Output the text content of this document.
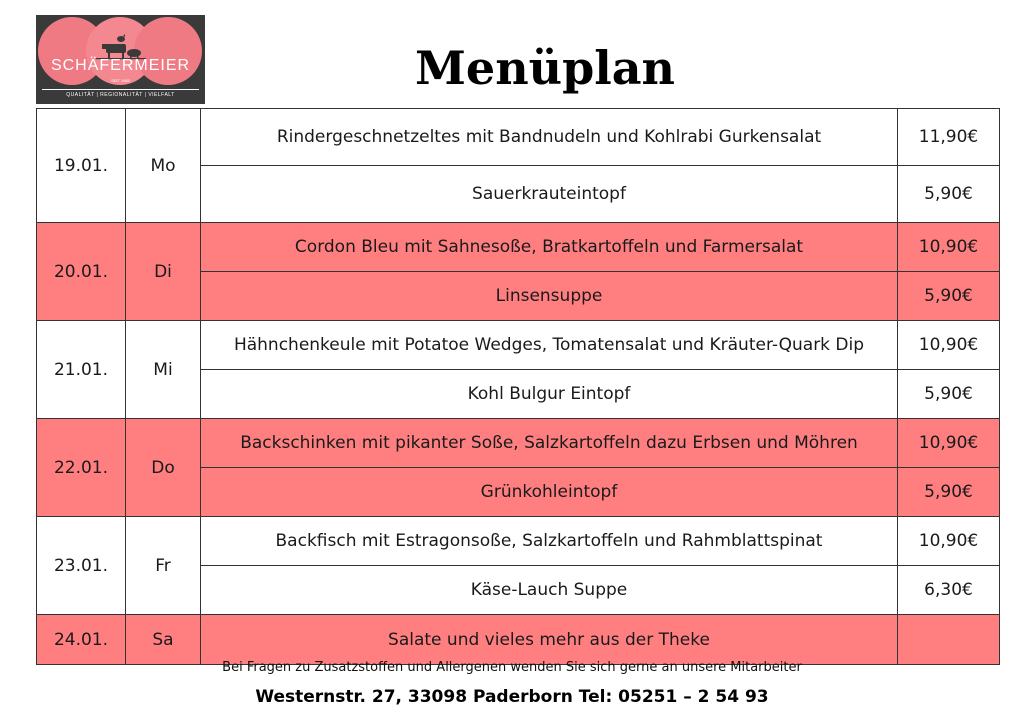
SCHÄFERMEIER
SEIT 1965
QUALITÄT | REGIONALITÄT | VIELFALT	Menüplan
19.01.	Mo	Rindergeschnetzeltes mit Bandnudeln und Kohlrabi Gurkensalat	11,90€
		Sauerkrauteintopf	5,90€
20.01.	Di	Cordon Bleu mit Sahnesoße, Bratkartoffeln und Farmersalat	10,90€
		Linsensuppe	5,90€
21.01.	Mi	Hähnchenkeule mit Potatoe Wedges, Tomatensalat und Kräuter-Quark Dip	10,90€
		Kohl Bulgur Eintopf	5,90€
22.01.	Do	Backschinken mit pikanter Soße, Salzkartoffeln dazu Erbsen und Möhren	10,90€
		Grünkohleintopf	5,90€
23.01.	Fr	Backfisch mit Estragonsoße, Salzkartoffeln und Rahmblattspinat	10,90€
		Käse-Lauch Suppe	6,30€
24.01.	Sa	Salate und vieles mehr aus der Theke	
Bei Fragen zu Zusatzstoffen und Allergenen wenden Sie sich gerne an unsere Mitarbeiter
Westernstr. 27, 33098 Paderborn Tel: 05251 – 2 54 93
